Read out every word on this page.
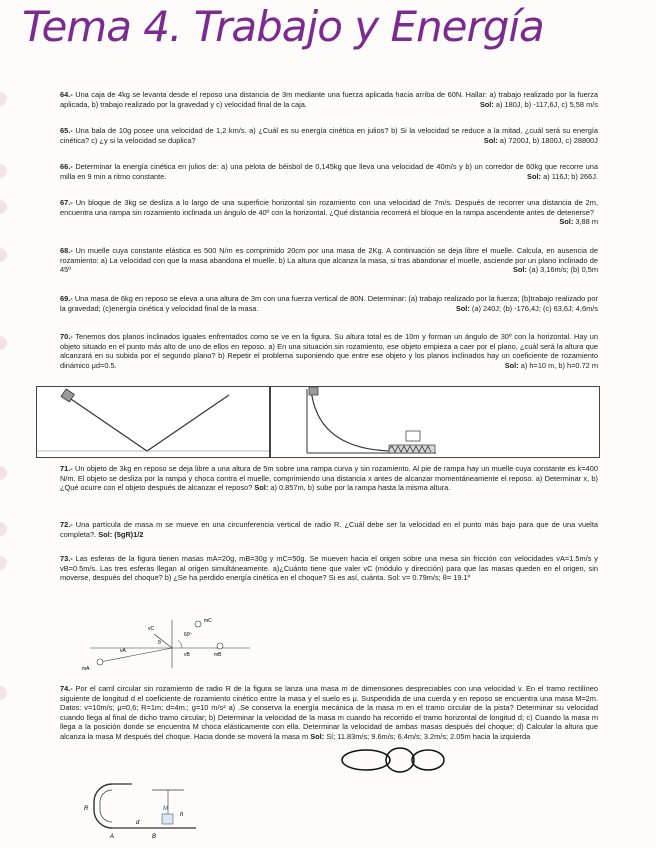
Tema 4. Trabajo y Energía
64.- Una caja de 4kg se levanta desde el reposo una distancia de 3m mediante una fuerza aplicada hacia arriba de 60N. Hallar: a) trabajo realizado por la fuerza aplicada, b) trabajo realizado por la gravedad y c) velocidad final de la caja.	Sol: a) 180J, b) -117,6J, c) 5,58 m/s
65.- Una bala de 10g posee una velocidad de 1,2 km/s. a) ¿Cuál es su energía cinética en julios? b) Si la velocidad se reduce a la mitad, ¿cuál será su energía cinética? c) ¿y si la velocidad se duplica?	Sol: a) 7200J, b) 1800J, c) 28800J
66.- Determinar la energía cinética en julios de: a) una pelota de béisbol de 0,145kg que lleva una velocidad de 40m/s y b) un corredor de 60kg que recorre una milla en 9 min a ritmo constante.	Sol: a) 116J; b) 266J.
67.- Un bloque de 3kg se desliza a lo largo de una superficie horizontal sin rozamiento con una velocidad de 7m/s. Después de recorrer una distancia de 2m, encuentra una rampa sin rozamiento inclinada un ángulo de 40º con la horizontal. ¿Qué distancia recorrerá el bloque en la rampa ascendente antes de detenerse?
Sol: 3,88 m
68.- Un muelle cuya constante elástica es 500 N/m es comprimido 20cm por una masa de 2Kg. A continuación se deja libre el muelle. Calcula, en ausencia de rozamiento: a) La velocidad con que la masa abandona el muelle. b) La altura que alcanza la masa, si tras abandonar el muelle, asciende por un plano inclinado de 45º	Sol: (a) 3,16m/s; (b) 0,5m
69.- Una masa de 6kg en reposo se eleva a una altura de 3m con una fuerza vertical de 80N. Determinar: (a) trabajo realizado por la fuerza; (b)trabajo realizado por la gravedad; (c)energía cinética y velocidad final de la masa.	Sol: (a) 240J; (b) -176,4J; (c) 63,6J; 4,6m/s
70.- Tenemos dos planos inclinados iguales enfrentados como se ve en la figura. Su altura total es de 10m y forman un ángulo de 30º con la horizontal. Hay un objeto situado en el punto más alto de uno de ellos en reposo. a) En una situación sin rozamiento, ese objeto empieza a caer por el plano, ¿cuál será la altura que alcanzará en su subida por el segundo plano? b) Repetir el problema suponiendo que entre ese objeto y los planos inclinados hay un coeficiente de rozamiento dinámico μd=0.5.	Sol: a) h=10 m, b) h=0.72 m
71.- Un objeto de 3kg en reposo se deja libre a una altura de 5m sobre una rampa curva y sin rozamiento. Al pie de rampa hay un muelle cuya constante es k=400 N/m. El objeto se desliza por la rampa y choca contra el muelle, comprimiendo una distancia x antes de alcanzar momentáneamente el reposo. a) Determinar x, b) ¿Qué ocurre con el objeto después de alcanzar el reposo? Sol: a) 0.857m, b) sube por la rampa hasta la misma altura.
72.- Una partícula de masa m se mueve en una circunferencia vertical de radio R. ¿Cuál debe ser la velocidad en el punto más bajo para que de una vuelta completa?. Sol: (5gR)1/2
73.- Las esferas de la figura tienen masas mA=20g, mB=30g y mC=50g. Se mueven hacia el origen sobre una mesa sin fricción con velocidades vA=1.5m/s y vB=0.5m/s. Las tres esferas llegan al origen simultáneamente. a)¿Cuánto tiene que valer vC (módulo y dirección) para que las masas queden en el origen, sin moverse, después del choque? b) ¿Se ha perdido energía cinética en el choque? Si es así, cuánta. Sol: v= 0.79m/s; θ= 19.1º
mA
mB
mC
vA
vB
vC
60º
θ
74.- Por el carril circular sin rozamiento de radio R de la figura se lanza una masa m de dimensiones despreciables con una velocidad v. En el tramo rectilíneo siguiente de longitud d el coeficiente de rozamiento cinético entre la masa y el suelo es μ. Suspendida de una cuerda y en reposo se encuentra una masa M=2m. Datos: v=10m/s; μ=0,6; R=1m; d=4m.; g=10 m/s² a) .Se conserva la energía mecánica de la masa m en el tramo circular de la pista? Determinar su velocidad cuando llega al final de dicho tramo circular; b) Determinar la velocidad de la masa m cuando ha recorrido el tramo horizontal de longitud d; c) Cuando la masa m llega a la posición donde se encuentra M choca elásticamente con ella. Determinar la velocidad de ambas masas después del choque; d) Calcular la altura que alcanza la masa M después del choque. Hacia donde se moverá la masa m Sol: Sí; 11.83m/s; 9.6m/s; 6.4m/s; 3.2m/s; 2.05m hacia la izquierda
R
d
M
h
A	B
